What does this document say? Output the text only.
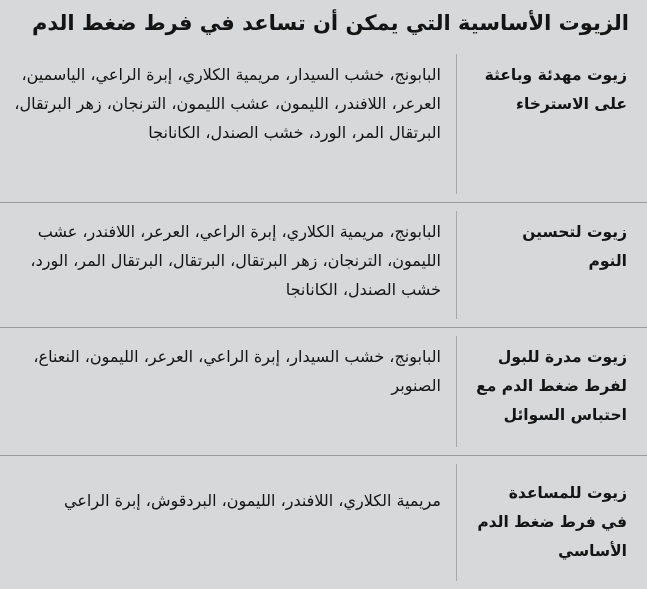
الزيوت الأساسية التي يمكن أن تساعد في فرط ضغط الدم
زيوت مهدئة وباعثة
على الاسترخاء
البابونج، خشب السيدار، مريمية الكلاري، إبرة الراعي، الياسمين، العرعر، اللافندر، الليمون، عشب الليمون، الترنجان، زهر البرتقال، البرتقال المر، الورد، خشب الصندل، الكانانجا
زيوت لتحسين
النوم
البابونج، مريمية الكلاري، إبرة الراعي، العرعر، اللافندر، عشب الليمون، الترنجان، زهر البرتقال، البرتقال، البرتقال المر، الورد، خشب الصندل، الكانانجا
زيوت مدرة للبول
لفرط ضغط الدم مع
احتباس السوائل
البابونج، خشب السيدار، إبرة الراعي، العرعر، الليمون، النعناع، الصنوبر
زيوت للمساعدة
في فرط ضغط الدم
الأساسي
مريمية الكلاري، اللافندر، الليمون، البردقوش، إبرة الراعي
